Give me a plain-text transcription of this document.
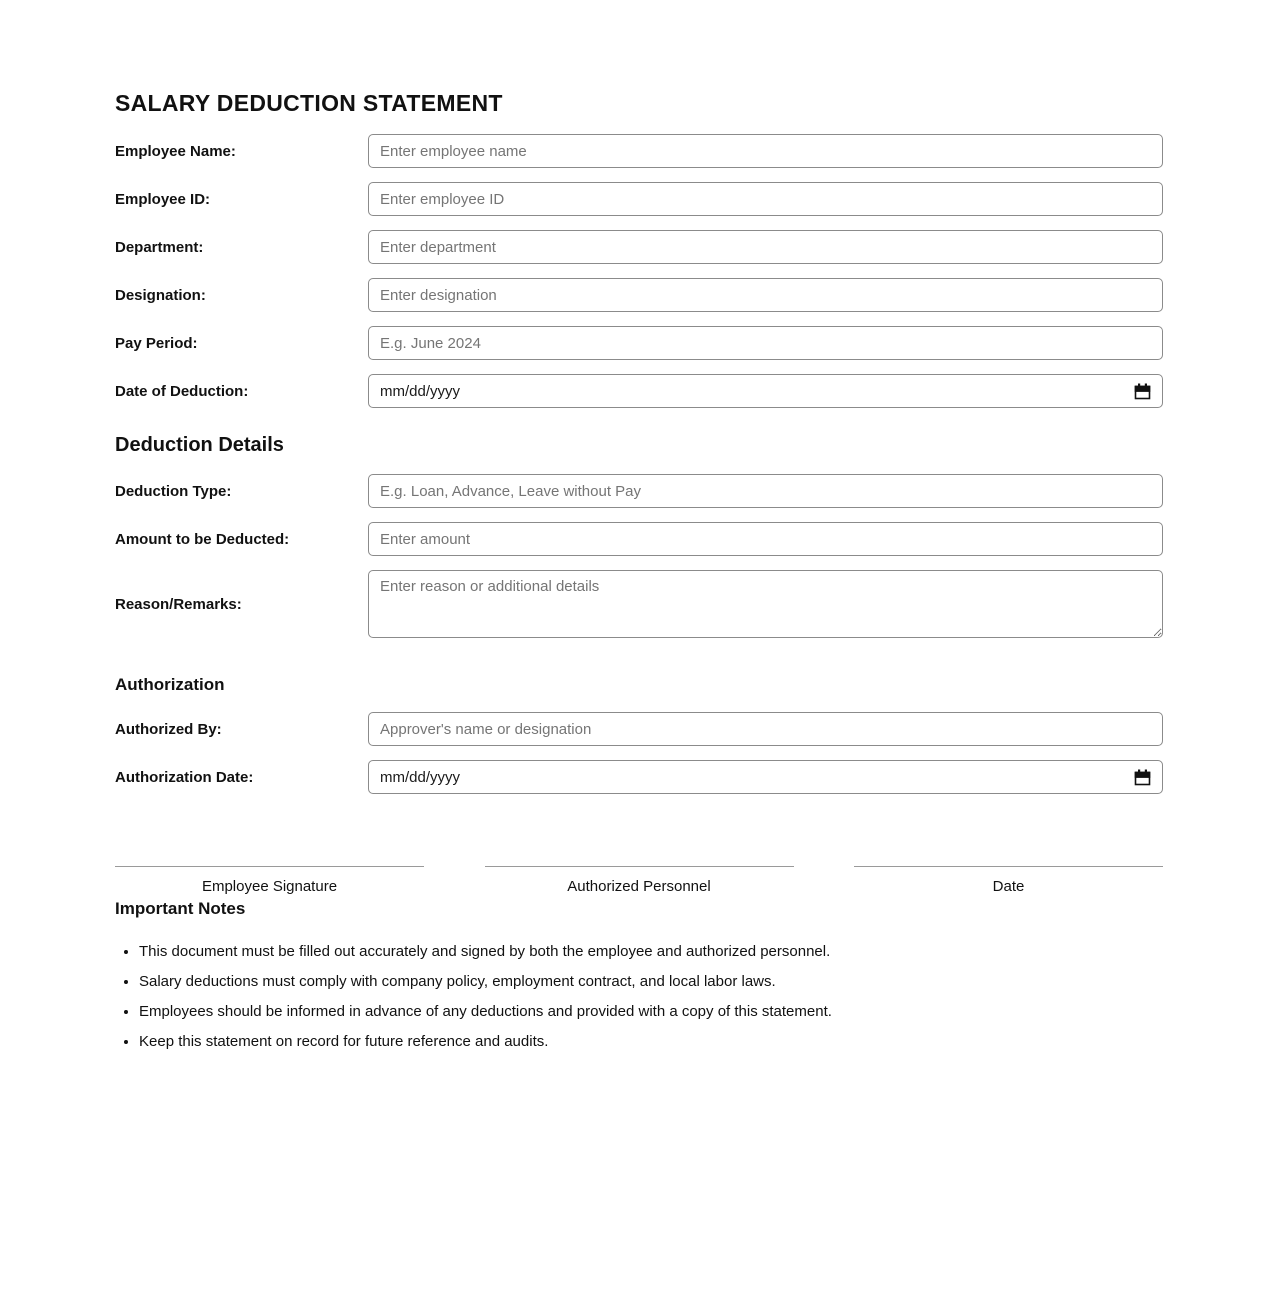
SALARY DEDUCTION STATEMENT
Employee Name:
Enter employee name
Employee ID:
Enter employee ID
Department:
Enter department
Designation:
Enter designation
Pay Period:
E.g. June 2024
Date of Deduction:	mm/dd/yyyy
Deduction Details
Deduction Type:
E.g. Loan, Advance, Leave without Pay
Amount to be Deducted:
Enter amount
Reason/Remarks:
Enter reason or additional details
Authorization
Authorized By:
Approver's name or designation
Authorization Date:	mm/dd/yyyy
Employee Signature	Authorized Personnel	Date
Important Notes
• This document must be filled out accurately and signed by both the employee and authorized personnel.
• Salary deductions must comply with company policy, employment contract, and local labor laws.
• Employees should be informed in advance of any deductions and provided with a copy of this statement.
• Keep this statement on record for future reference and audits.
